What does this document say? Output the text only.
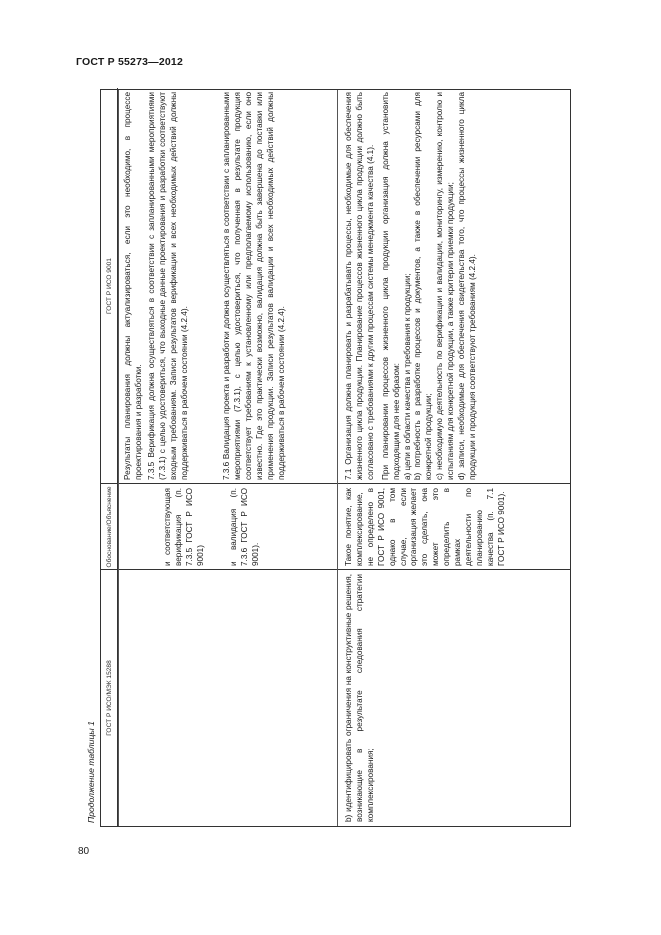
ГОСТ Р 55273—2012
80
Продолжение таблицы 1
ГОСТ Р ИСО/МЭК 15288
Обоснование/Объяснение
ГОСТ Р ИСО 9001	Результаты планирования должны актуализироваться, если это необходимо, в процессе проектирования и разработки.

и соответствующая верификация (п. 7.3.5 ГОСТ Р ИСО 9001)

7.3.5 Верификация должна осуществляться в соответствии с запланированными мероприятиями (7.3.1) с целью удостовериться, что выходные данные проектирования и разработки соответствуют входным требованиям. Записи результатов верификации и всех необходимых действий должны поддерживаться в рабочем состоянии (4.2.4).

и валидация (п. 7.3.6 ГОСТ Р ИСО 9001).

7.3.6 Валидация проекта и разработки должна осуществляться в соответствии с запланированными мероприятиями (7.3.1), с целью удостовериться, что полученная в результате продукция соответствует требованиям к установленному или предполагаемому использованию, если оно известно. Где это практически возможно, валидация должна быть завершена до поставки или применения продукции. Записи результатов валидации и всех необходимых действий должны поддерживаться в рабочем состоянии (4.2.4).

b) идентифицировать ограничения на конструктивные решения, возникающие в результате следования стратегии комплексирования;
Такое понятие, как комплексирование, не определено в ГОСТ Р ИСО 9001, однако в том случае, если организация желает это сделать, она может это определить в рамках деятельности по планированию качества (п. 7.1 ГОСТ Р ИСО 9001).

7.1 Организация должна планировать и разрабатывать процессы, необходимые для обеспечения жизненного цикла продукции. Планирование процессов жизненного цикла продукции должно быть согласовано с требованиями к другим процессам системы менеджмента качества (4.1). При планировании процессов жизненного цикла продукции организация должна установить подходящим для нее образом: а) цели в области качества и требования к продукции; b) потребность в разработке процессов и документов, а также в обеспечении ресурсами для конкретной продукции; c) необходимую деятельность по верификации и валидации, мониторингу, измерению, контролю и испытаниям для конкретной продукции, а также критерии приемки продукции; d) записи, необходимые для обеспечения свидетельства того, что процессы жизненного цикла продукции и продукция соответствуют требованиям (4.2.4).
